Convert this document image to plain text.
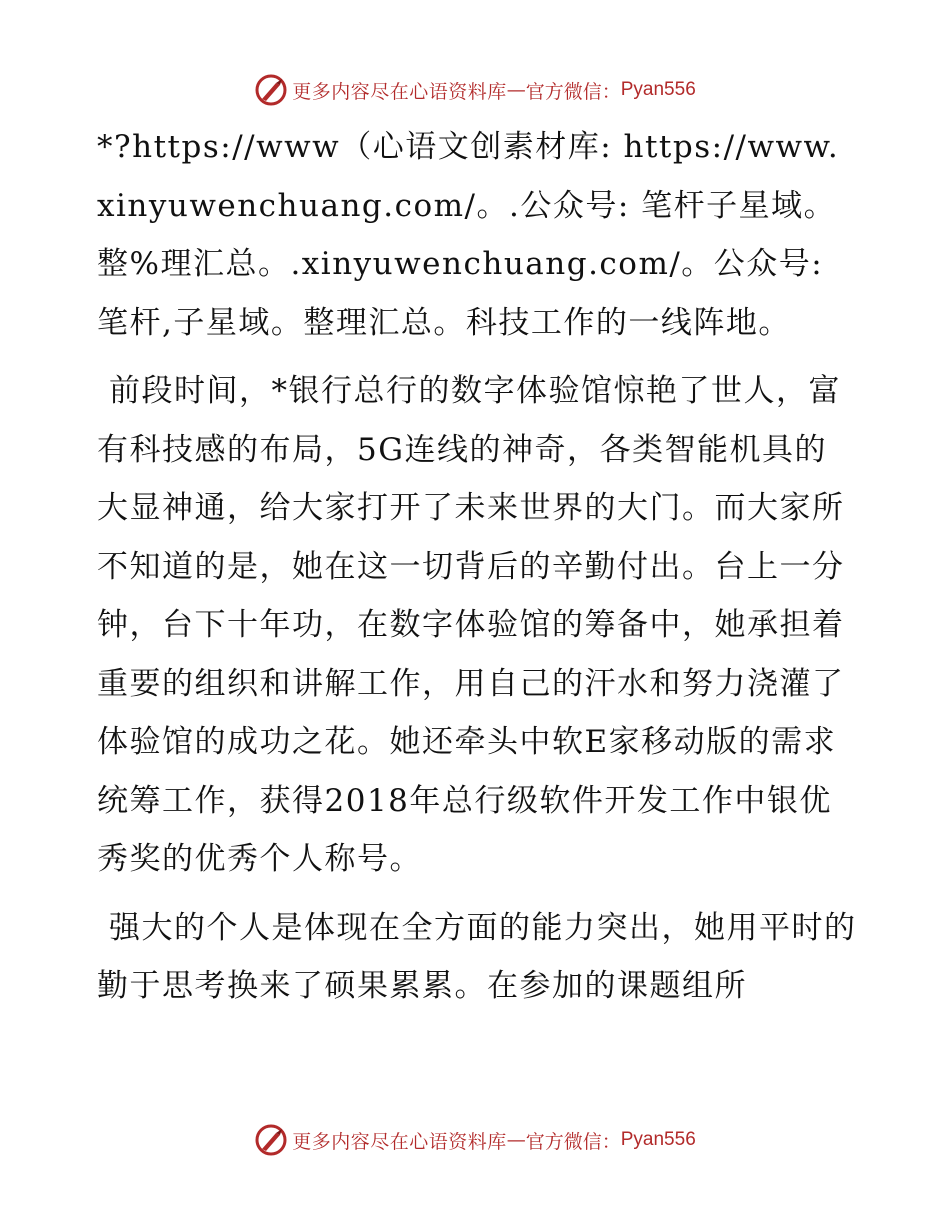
更多内容尽在心语资料库 — 官方微信： Pyan556

*?https://www（心语文创素材库: https://www.xinyuwenchuang.com/。.公众号: 笔杆子星域。整%理汇总。.xinyuwenchuang.com/。公众号: 笔杆,子星域。整理汇总。科技工作的一线阵地。

前段时间，*银行总行的数字体验馆惊艳了世人，富有科技感的布局，5G连线的神奇，各类智能机具的大显神通，给大家打开了未来世界的大门。而大家所不知道的是，她在这一切背后的辛勤付出。台上一分钟，台下十年功，在数字体验馆的筹备中，她承担着重要的组织和讲解工作，用自己的汗水和努力浇灌了体验馆的成功之花。她还牵头中软E家移动版的需求统筹工作，获得2018年总行级软件开发工作中银优秀奖的优秀个人称号。

强大的个人是体现在全方面的能力突出，她用平时的勤于思考换来了硕果累累。在参加的课题组所

更多内容尽在心语资料库 — 官方微信： Pyan556
